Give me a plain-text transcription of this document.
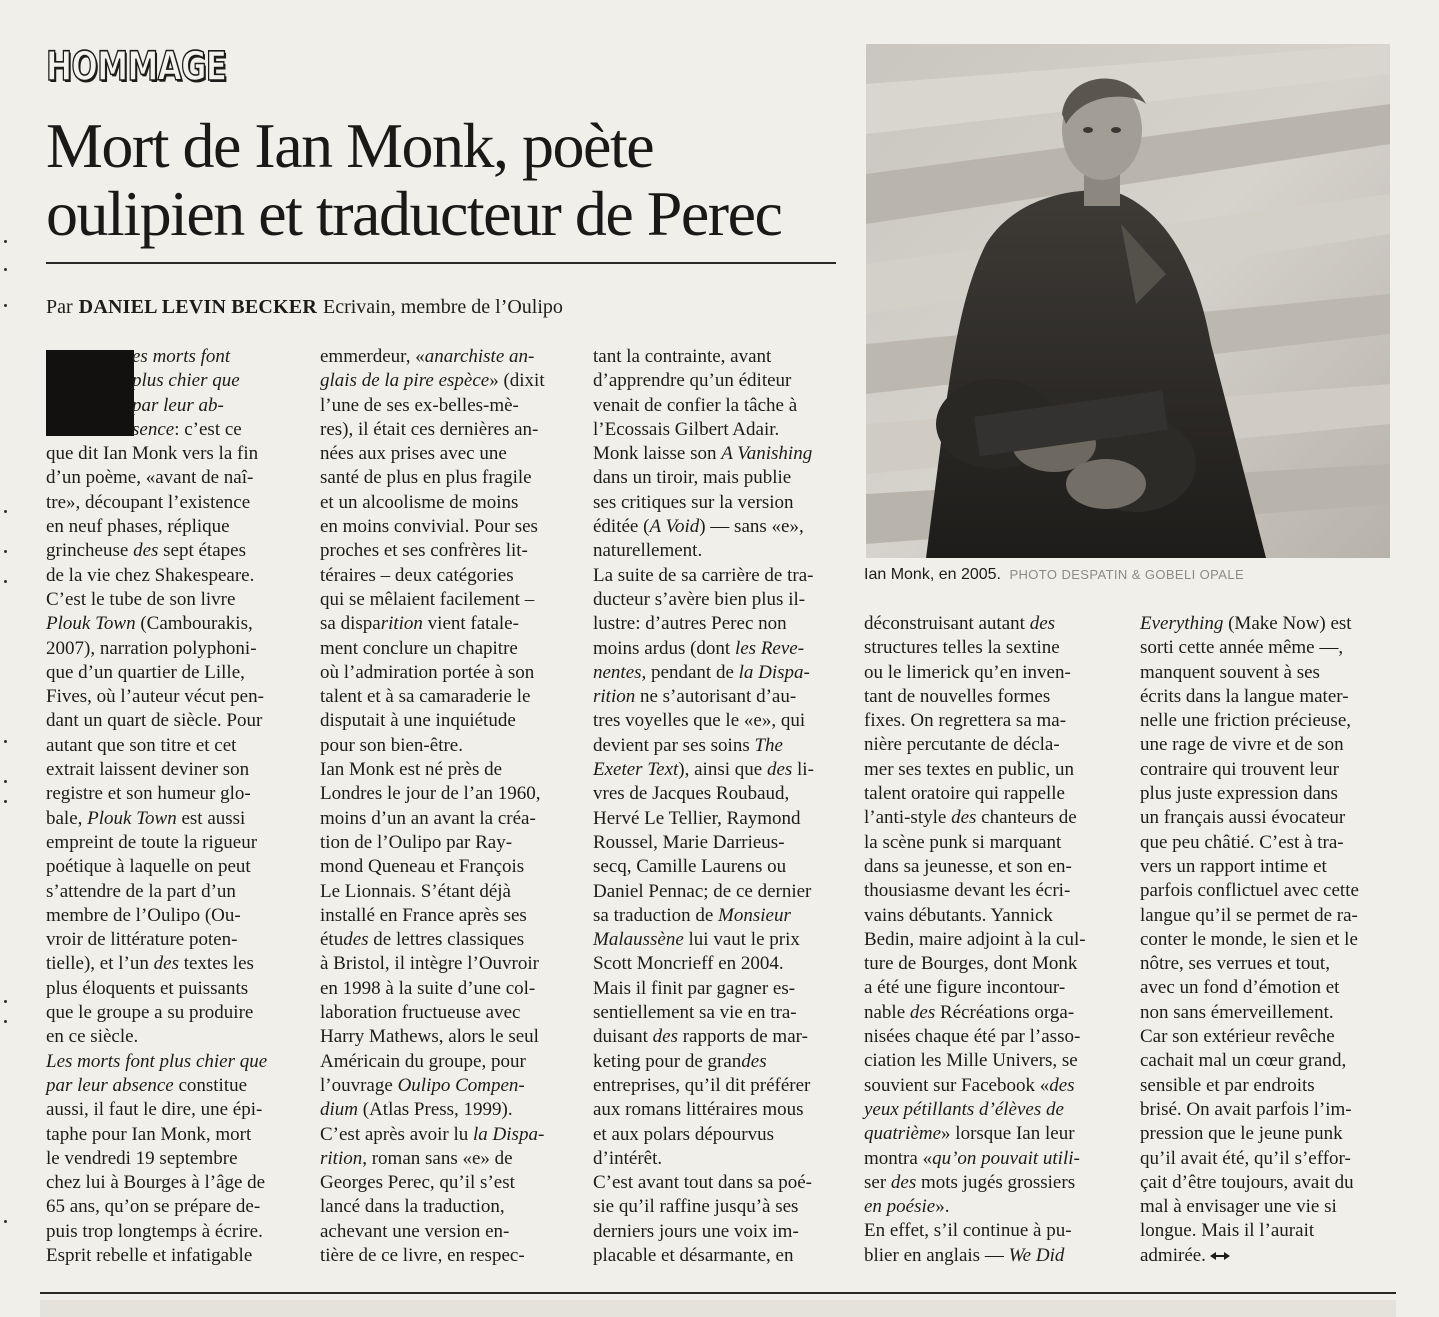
HOMMAGE
Mort de Ian Monk, poète
oulipien et traducteur de Perec
Par DANIEL LEVIN BECKER Ecrivain, membre de l’Oulipo
Ian Monk, en 2005. PHOTO DESPATIN & GOBELI OPALE
L	es morts font
plus chier que
par leur ab-
sence: c’est ce
que dit Ian Monk vers la fin
d’un poème, «avant de naî-
tre», découpant l’existence
en neuf phases, réplique
grincheuse des sept étapes
de la vie chez Shakespeare.
C’est le tube de son livre
Plouk Town (Cambourakis,
2007), narration polyphoni-
que d’un quartier de Lille,
Fives, où l’auteur vécut pen-
dant un quart de siècle. Pour
autant que son titre et cet
extrait laissent deviner son
registre et son humeur glo-
bale, Plouk Town est aussi
empreint de toute la rigueur
poétique à laquelle on peut
s’attendre de la part d’un
membre de l’Oulipo (Ou-
vroir de littérature poten-
tielle), et l’un des textes les
plus éloquents et puissants
que le groupe a su produire
en ce siècle.
Les morts font plus chier que
par leur absence constitue
aussi, il faut le dire, une épi-
taphe pour Ian Monk, mort
le vendredi 19 septembre
chez lui à Bourges à l’âge de
65 ans, qu’on se prépare de-
puis trop longtemps à écrire.
Esprit rebelle et infatigable
emmerdeur, «anarchiste an-
glais de la pire espèce» (dixit
l’une de ses ex-belles-mè-
res), il était ces dernières an-
nées aux prises avec une
santé de plus en plus fragile
et un alcoolisme de moins
en moins convivial. Pour ses
proches et ses confrères lit-
téraires – deux catégories
qui se mêlaient facilement –
sa disparition vient fatale-
ment conclure un chapitre
où l’admiration portée à son
talent et à sa camaraderie le
disputait à une inquiétude
pour son bien-être.
Ian Monk est né près de
Londres le jour de l’an 1960,
moins d’un an avant la créa-
tion de l’Oulipo par Ray-
mond Queneau et François
Le Lionnais. S’étant déjà
installé en France après ses
études de lettres classiques
à Bristol, il intègre l’Ouvroir
en 1998 à la suite d’une col-
laboration fructueuse avec
Harry Mathews, alors le seul
Américain du groupe, pour
l’ouvrage Oulipo Compen-
dium (Atlas Press, 1999).
C’est après avoir lu la Dispa-
rition, roman sans «e» de
Georges Perec, qu’il s’est
lancé dans la traduction,
achevant une version en-
tière de ce livre, en respec-
tant la contrainte, avant
d’apprendre qu’un éditeur
venait de confier la tâche à
l’Ecossais Gilbert Adair.
Monk laisse son A Vanishing
dans un tiroir, mais publie
ses critiques sur la version
éditée (A Void) — sans «e»,
naturellement.
La suite de sa carrière de tra-
ducteur s’avère bien plus il-
lustre: d’autres Perec non
moins ardus (dont les Reve-
nentes, pendant de la Dispa-
rition ne s’autorisant d’au-
tres voyelles que le «e», qui
devient par ses soins The
Exeter Text), ainsi que des li-
vres de Jacques Roubaud,
Hervé Le Tellier, Raymond
Roussel, Marie Darrieus-
secq, Camille Laurens ou
Daniel Pennac; de ce dernier
sa traduction de Monsieur
Malaussène lui vaut le prix
Scott Moncrieff en 2004.
Mais il finit par gagner es-
sentiellement sa vie en tra-
duisant des rapports de mar-
keting pour de grandes
entreprises, qu’il dit préférer
aux romans littéraires mous
et aux polars dépourvus
d’intérêt.
C’est avant tout dans sa poé-
sie qu’il raffine jusqu’à ses
derniers jours une voix im-
placable et désarmante, en
déconstruisant autant des
structures telles la sextine
ou le limerick qu’en inven-
tant de nouvelles formes
fixes. On regrettera sa ma-
nière percutante de décla-
mer ses textes en public, un
talent oratoire qui rappelle
l’anti-style des chanteurs de
la scène punk si marquant
dans sa jeunesse, et son en-
thousiasme devant les écri-
vains débutants. Yannick
Bedin, maire adjoint à la cul-
ture de Bourges, dont Monk
a été une figure incontour-
nable des Récréations orga-
nisées chaque été par l’asso-
ciation les Mille Univers, se
souvient sur Facebook «des
yeux pétillants d’élèves de
quatrième» lorsque Ian leur
montra «qu’on pouvait utili-
ser des mots jugés grossiers
en poésie».
En effet, s’il continue à pu-
blier en anglais — We Did
Everything (Make Now) est
sorti cette année même —,
manquent souvent à ses
écrits dans la langue mater-
nelle une friction précieuse,
une rage de vivre et de son
contraire qui trouvent leur
plus juste expression dans
un français aussi évocateur
que peu châtié. C’est à tra-
vers un rapport intime et
parfois conflictuel avec cette
langue qu’il se permet de ra-
conter le monde, le sien et le
nôtre, ses verrues et tout,
avec un fond d’émotion et
non sans émerveillement.
Car son extérieur revêche
cachait mal un cœur grand,
sensible et par endroits
brisé. On avait parfois l’im-
pression que le jeune punk
qu’il avait été, qu’il s’effor-
çait d’être toujours, avait du
mal à envisager une vie si
longue. Mais il l’aurait
admirée.
